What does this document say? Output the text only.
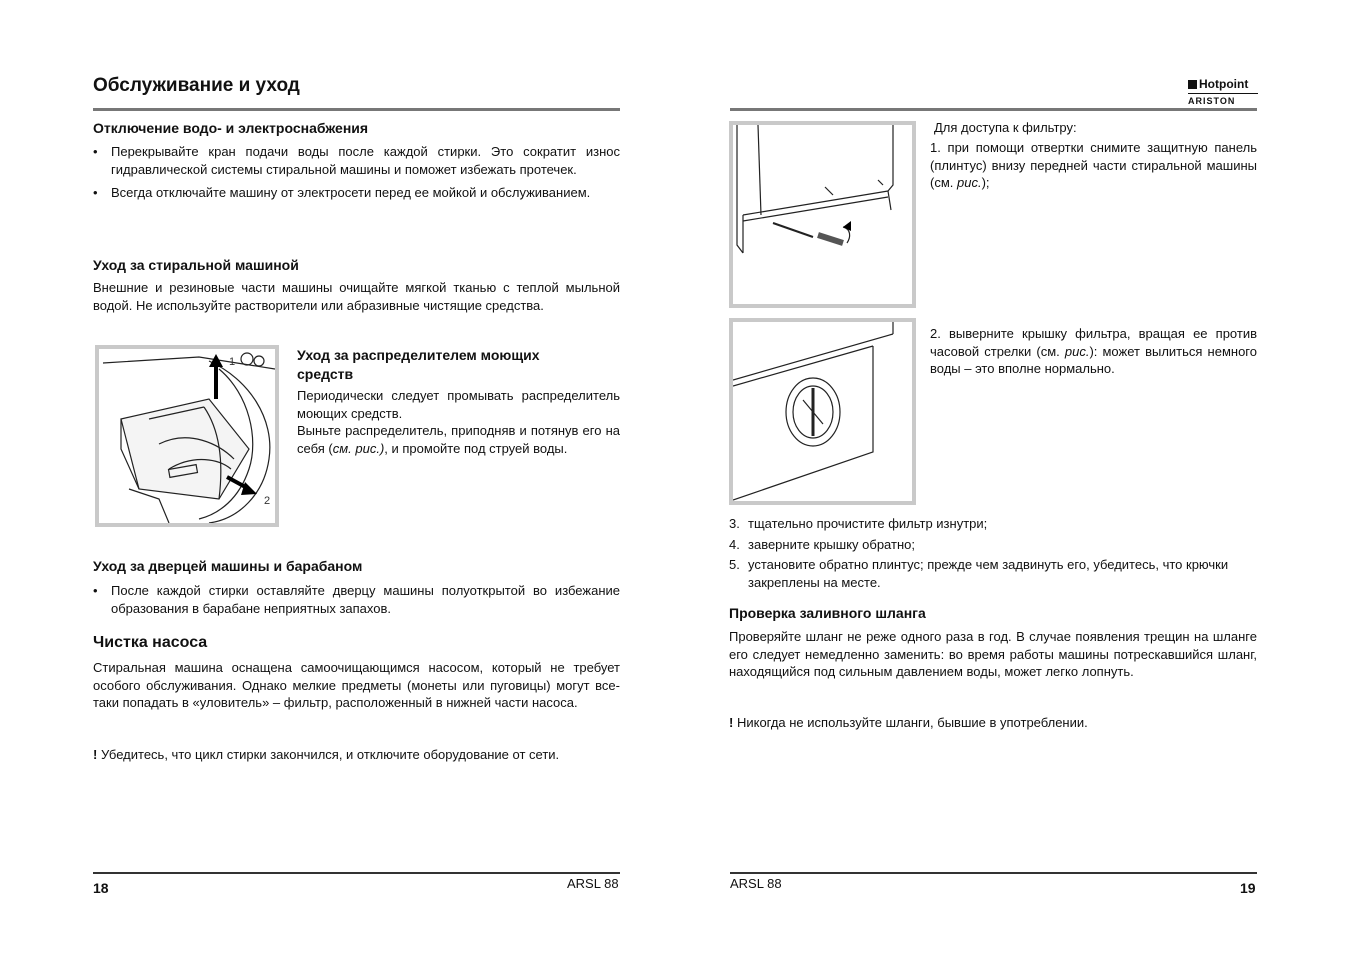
Обслуживание и уход
Отключение водо- и электроснабжения
• Перекрывайте кран подачи воды после каждой стирки. Это сократит износ гидравлической системы стиральной машины и поможет избежать протечек.
• Всегда отключайте машину от электросети перед ее мойкой и обслуживанием.
Уход за стиральной машиной
Внешние и резиновые части машины очищайте мягкой тканью с теплой мыльной водой. Не используйте растворители или абразивные чистящие средства.
1
2
Уход за распределителем моющих средств
Периодически следует промывать распределитель моющих средств.
Выньте распределитель, приподняв и потянув его на себя (см. рис.), и промойте под струей воды.
Уход за дверцей машины и барабаном
• После каждой стирки оставляйте дверцу машины полуоткрытой во избежание образования в барабане неприятных запахов.
Чистка насоса
Стиральная машина оснащена самоочищающимся насосом, который не требует особого обслуживания. Однако мелкие предметы (монеты или пуговицы) могут все-таки попадать в «уловитель» – фильтр, расположенный в нижней части насоса.
! Убедитесь, что цикл стирки закончился, и отключите оборудование от сети.
18	ARSL 88
Hotpoint
ARISTON
Для доступа к фильтру:
1. при помощи отвертки снимите защитную панель (плинтус) внизу передней части стиральной машины (см. рис.);
2. выверните крышку фильтра, вращая ее против часовой стрелки (см. рис.): может вылиться немного воды – это вполне нормально.
3. тщательно прочистите фильтр изнутри;
4. заверните крышку обратно;
5. установите обратно плинтус; прежде чем задвинуть его, убедитесь, что крючки закреплены на месте.
Проверка заливного шланга
Проверяйте шланг не реже одного раза в год. В случае появления трещин на шланге его следует немедленно заменить: во время работы машины потрескавшийся шланг, находящийся под сильным давлением воды, может легко лопнуть.
! Никогда не используйте шланги, бывшие в употреблении.
ARSL 88	19
